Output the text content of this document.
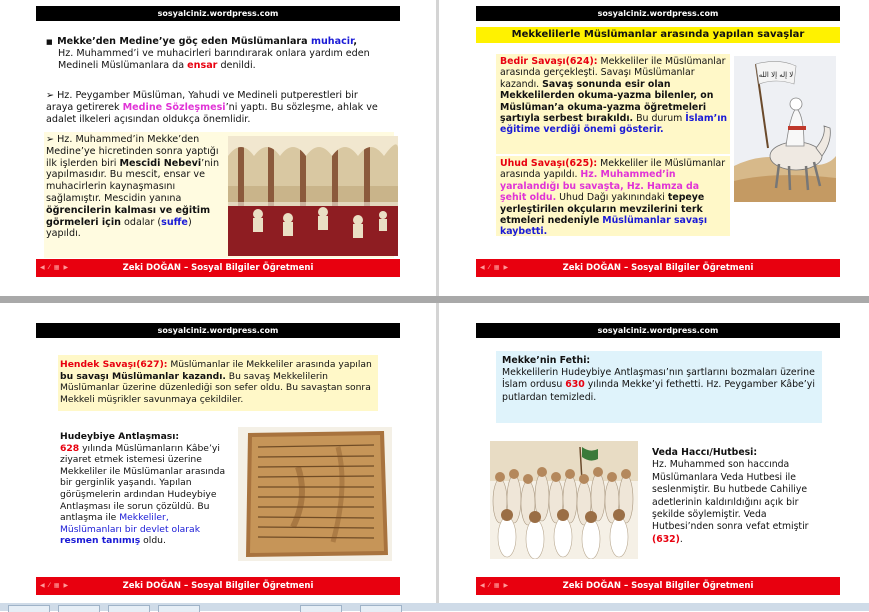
sosyalciniz.wordpress.com
■  Mekke’den Medine’ye göç eden Müslümanlara muhacir,
Hz. Muhammed’i ve muhacirleri barındırarak onlara yardım eden Medineli Müslümanlara da ensar denildi.
➢ Hz. Peygamber Müslüman, Yahudi ve Medineli putperestleri bir araya getirerek Medine Sözleşmesi’ni yaptı. Bu sözleşme, ahlak ve adalet ilkeleri açısından oldukça önemlidir.
➢ Hz. Muhammed’in Mekke’den Medine’ye hicretinden sonra yaptığı ilk işlerden biri Mescidi Nebevi’nin yapılmasıdır. Bu mescit, ensar ve muhacirlerin kaynaşmasını sağlamıştır. Mescidin yanına öğrencilerin kalması ve eğitim görmeleri için odalar (suffe) yapıldı.
◀ ⁄ ▦ ▶	Zeki DOĞAN – Sosyal Bilgiler Öğretmeni
sosyalciniz.wordpress.com
Mekkelilerle Müslümanlar arasında yapılan savaşlar
Bedir Savaşı(624): Mekkeliler ile Müslümanlar arasında gerçekleşti. Savaşı Müslümanlar kazandı. Savaş sonunda esir olan Mekkelilerden okuma-yazma bilenler, on Müslüman’a okuma-yazma öğretmeleri şartıyla serbest bırakıldı. Bu durum İslam’ın eğitime verdiği önemi gösterir.
Uhud Savaşı(625): Mekkeliler ile Müslümanlar arasında yapıldı. Hz. Muhammed’in yaralandığı bu savaşta, Hz. Hamza da şehit oldu. Uhud Dağı yakınındaki tepeye yerleştirilen okçuların mevzilerini terk etmeleri nedeniyle Müslümanlar savaşı kaybetti.
لا إله إلا الله
◀ ⁄ ▦ ▶	Zeki DOĞAN – Sosyal Bilgiler Öğretmeni
sosyalciniz.wordpress.com
Hendek Savaşı(627): Müslümanlar ile Mekkeliler arasında yapılan bu savaşı Müslümanlar kazandı. Bu savaş Mekkelilerin Müslümanlar üzerine düzenlediği son sefer oldu. Bu savaştan sonra Mekkeli müşrikler savunmaya çekildiler.
Hudeybiye Antlaşması:
628 yılında Müslümanların Kâbe’yi ziyaret etmek istemesi üzerine Mekkeliler ile Müslümanlar arasında bir gerginlik yaşandı. Yapılan görüşmelerin ardından Hudeybiye Antlaşması ile sorun çözüldü. Bu antlaşma ile Mekkeliler, Müslümanları bir devlet olarak resmen tanımış oldu.
◀ ⁄ ▦ ▶	Zeki DOĞAN – Sosyal Bilgiler Öğretmeni
sosyalciniz.wordpress.com
Mekke’nin Fethi:
Mekkelilerin Hudeybiye Antlaşması’nın şartlarını bozmaları üzerine İslam ordusu 630 yılında Mekke’yi fethetti. Hz. Peygamber Kâbe’yi putlardan temizledi.
Veda Haccı/Hutbesi:
Hz. Muhammed son haccında Müslümanlara Veda Hutbesi ile seslenmiştir. Bu hutbede Cahiliye adetlerinin kaldırıldığını açık bir şekilde söylemiştir. Veda Hutbesi’nden sonra vefat etmiştir (632).
◀ ⁄ ▦ ▶	Zeki DOĞAN – Sosyal Bilgiler Öğretmeni
